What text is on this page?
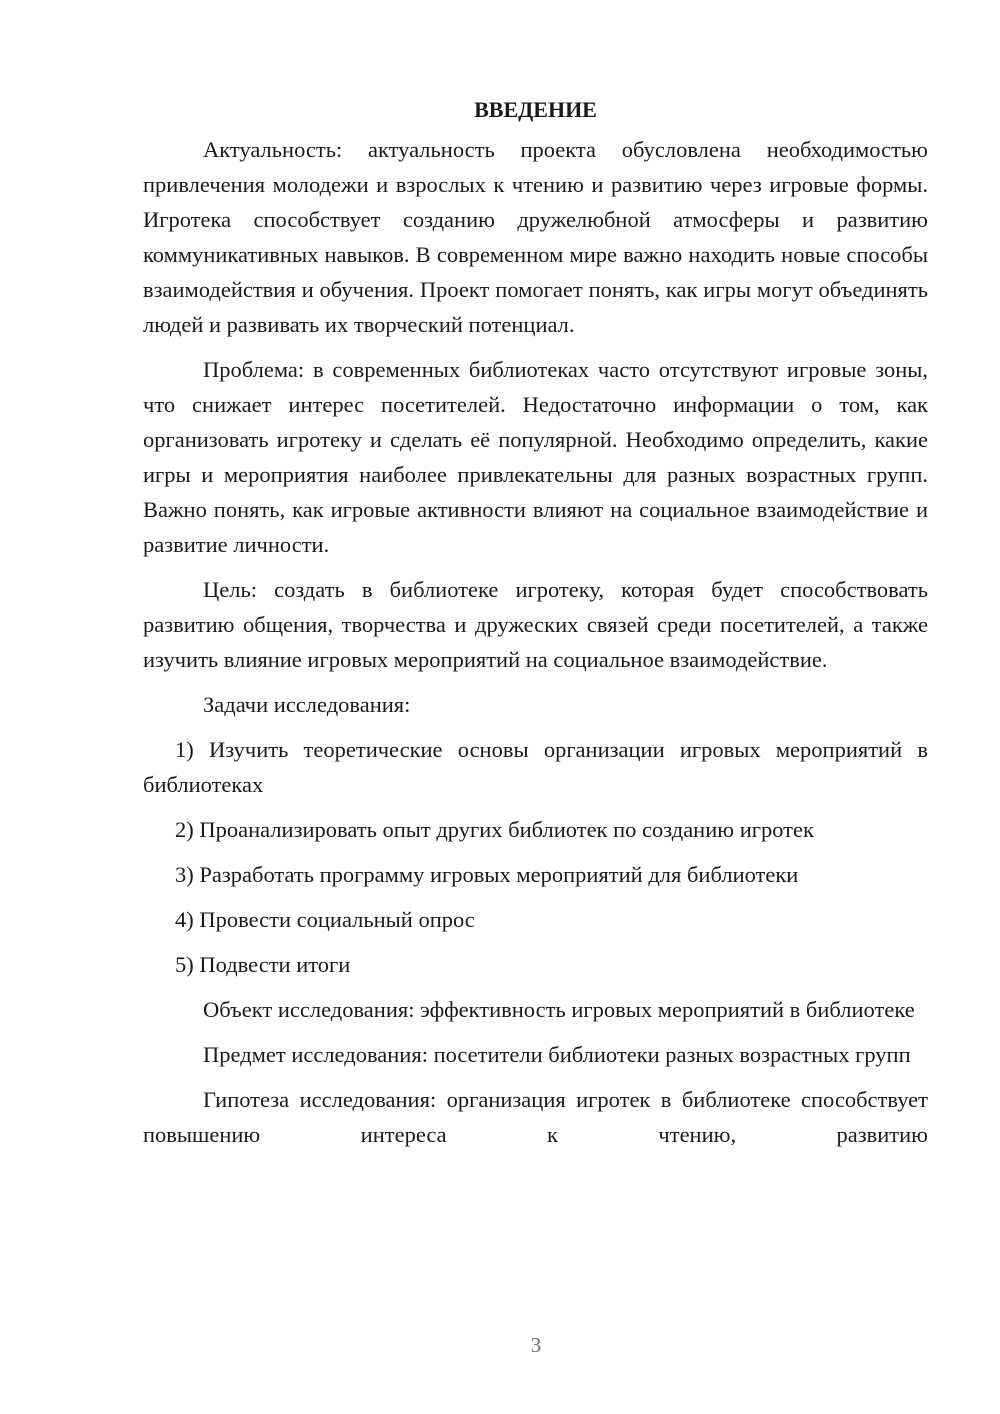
ВВЕДЕНИЕ

Актуальность: актуальность проекта обусловлена необходимостью привлечения молодежи и взрослых к чтению и развитию через игровые формы. Игротека способствует созданию дружелюбной атмосферы и развитию коммуникативных навыков. В современном мире важно находить новые способы взаимодействия и обучения. Проект помогает понять, как игры могут объединять людей и развивать их творческий потенциал.

Проблема: в современных библиотеках часто отсутствуют игровые зоны, что снижает интерес посетителей. Недостаточно информации о том, как организовать игротеку и сделать её популярной. Необходимо определить, какие игры и мероприятия наиболее привлекательны для разных возрастных групп. Важно понять, как игровые активности влияют на социальное взаимодействие и развитие личности.

Цель: создать в библиотеке игротеку, которая будет способствовать развитию общения, творчества и дружеских связей среди посетителей, а также изучить влияние игровых мероприятий на социальное взаимодействие.

Задачи исследования:

1) Изучить теоретические основы организации игровых мероприятий в библиотеках

2) Проанализировать опыт других библиотек по созданию игротек

3) Разработать программу игровых мероприятий для библиотеки

4) Провести социальный опрос

5) Подвести итоги

Объект исследования: эффективность игровых мероприятий в библиотеке

Предмет исследования: посетители библиотеки разных возрастных групп

Гипотеза исследования: организация игротек в библиотеке способствует повышению интереса к чтению, развитию

3
